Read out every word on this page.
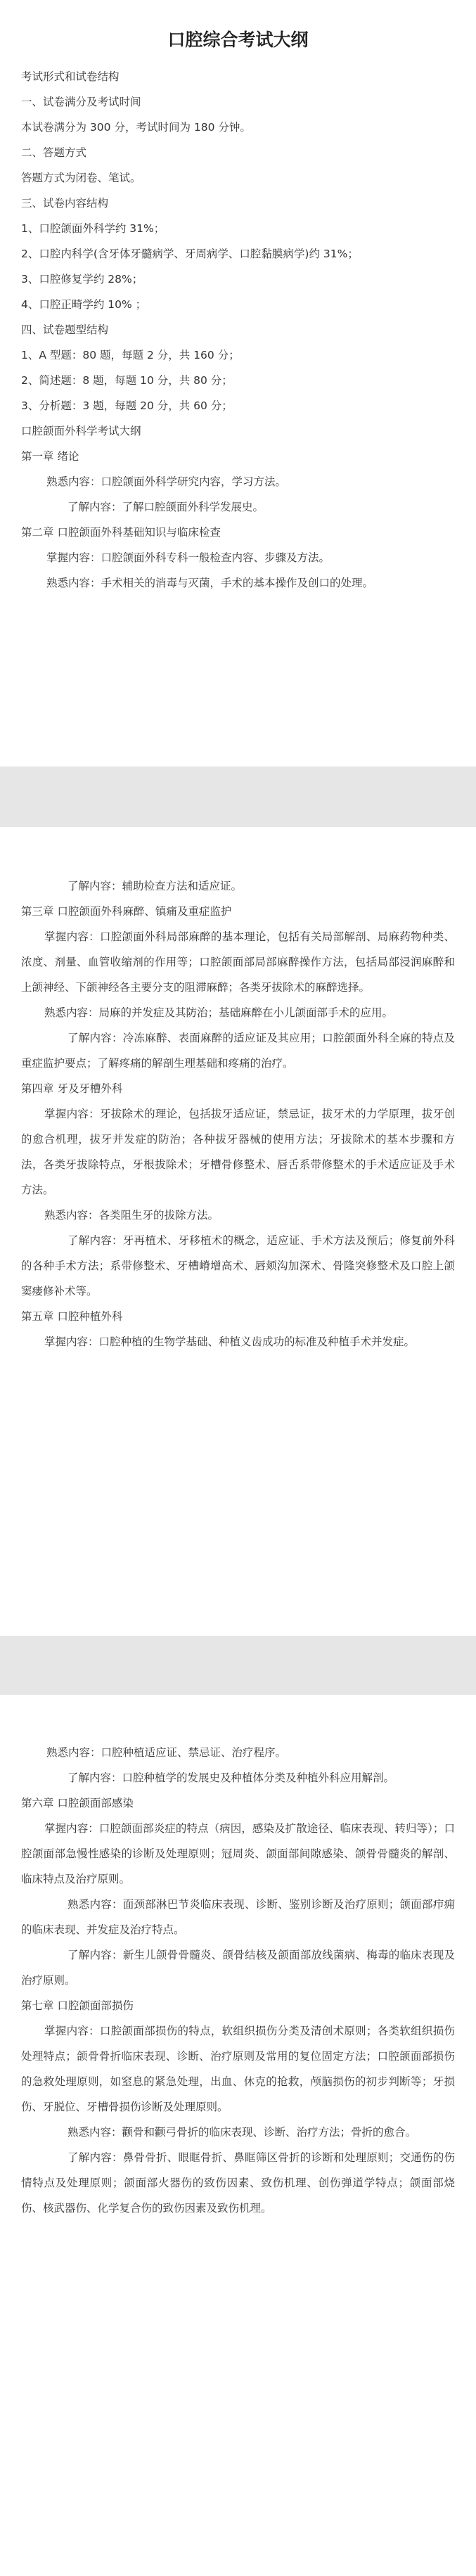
口腔综合考试大纲

考试形式和试卷结构

一、试卷满分及考试时间

本试卷满分为 300 分，考试时间为 180 分钟。

二、答题方式

答题方式为闭卷、笔试。

三、试卷内容结构

1、口腔颌面外科学约 31%；

2、口腔内科学(含牙体牙髓病学、牙周病学、口腔黏膜病学)约 31%；

3、口腔修复学约 28%；

4、口腔正畸学约 10% ；

四、试卷题型结构

1、A 型题：80 题，每题 2 分，共 160 分；

2、简述题：8 题，每题 10 分，共 80 分；

3、分析题：3 题，每题 20 分，共 60 分；

口腔颌面外科学考试大纲

第一章 绪论

熟悉内容：口腔颌面外科学研究内容，学习方法。

了解内容：了解口腔颌面外科学发展史。

第二章 口腔颌面外科基础知识与临床检查

掌握内容：口腔颌面外科专科一般检查内容、步骤及方法。

熟悉内容：手术相关的消毒与灭菌，手术的基本操作及创口的处理。

了解内容：辅助检查方法和适应证。

第三章 口腔颌面外科麻醉、镇痛及重症监护

掌握内容：口腔颌面外科局部麻醉的基本理论，包括有关局部解剖、局麻药物种类、浓度、剂量、血管收缩剂的作用等；口腔颌面部局部麻醉操作方法，包括局部浸润麻醉和上颌神经、下颌神经各主要分支的阻滞麻醉；各类牙拔除术的麻醉选择。

熟悉内容：局麻的并发症及其防治；基础麻醉在小儿颌面部手术的应用。

了解内容：冷冻麻醉、表面麻醉的适应证及其应用；口腔颌面外科全麻的特点及重症监护要点；了解疼痛的解剖生理基础和疼痛的治疗。

第四章 牙及牙槽外科

掌握内容：牙拔除术的理论，包括拔牙适应证，禁忌证，拔牙术的力学原理，拔牙创的愈合机理，拔牙并发症的防治；各种拔牙器械的使用方法；牙拔除术的基本步骤和方法，各类牙拔除特点，牙根拔除术；牙槽骨修整术、唇舌系带修整术的手术适应证及手术方法。

熟悉内容：各类阻生牙的拔除方法。

了解内容：牙再植术、牙移植术的概念，适应证、手术方法及预后；修复前外科的各种手术方法；系带修整术、牙槽嵴增高术、唇颊沟加深术、骨隆突修整术及口腔上颌窦瘘修补术等。

第五章 口腔种植外科

掌握内容：口腔种植的生物学基础、种植义齿成功的标准及种植手术并发症。

熟悉内容：口腔种植适应证、禁忌证、治疗程序。

了解内容：口腔种植学的发展史及种植体分类及种植外科应用解剖。

第六章 口腔颌面部感染

掌握内容：口腔颌面部炎症的特点（病因，感染及扩散途径、临床表现、转归等）；口腔颌面部急慢性感染的诊断及处理原则；冠周炎、颌面部间隙感染、颌骨骨髓炎的解剖、临床特点及治疗原则。

熟悉内容：面颈部淋巴节炎临床表现、诊断、鉴别诊断及治疗原则；颌面部疖痈的临床表现、并发症及治疗特点。

了解内容：新生儿颌骨骨髓炎、颌骨结核及颌面部放线菌病、梅毒的临床表现及治疗原则。

第七章 口腔颌面部损伤

掌握内容：口腔颌面部损伤的特点，软组织损伤分类及清创术原则；各类软组织损伤处理特点；颌骨骨折临床表现、诊断、治疗原则及常用的复位固定方法；口腔颌面部损伤的急救处理原则，如窒息的紧急处理，出血、休克的抢救，颅脑损伤的初步判断等；牙损伤、牙脱位、牙槽骨损伤诊断及处理原则。

熟悉内容：颧骨和颧弓骨折的临床表现、诊断、治疗方法；骨折的愈合。

了解内容：鼻骨骨折、眼眶骨折、鼻眶筛区骨折的诊断和处理原则；交通伤的伤情特点及处理原则；颌面部火器伤的致伤因素、致伤机理、创伤弹道学特点；颌面部烧伤、核武器伤、化学复合伤的致伤因素及致伤机理。
